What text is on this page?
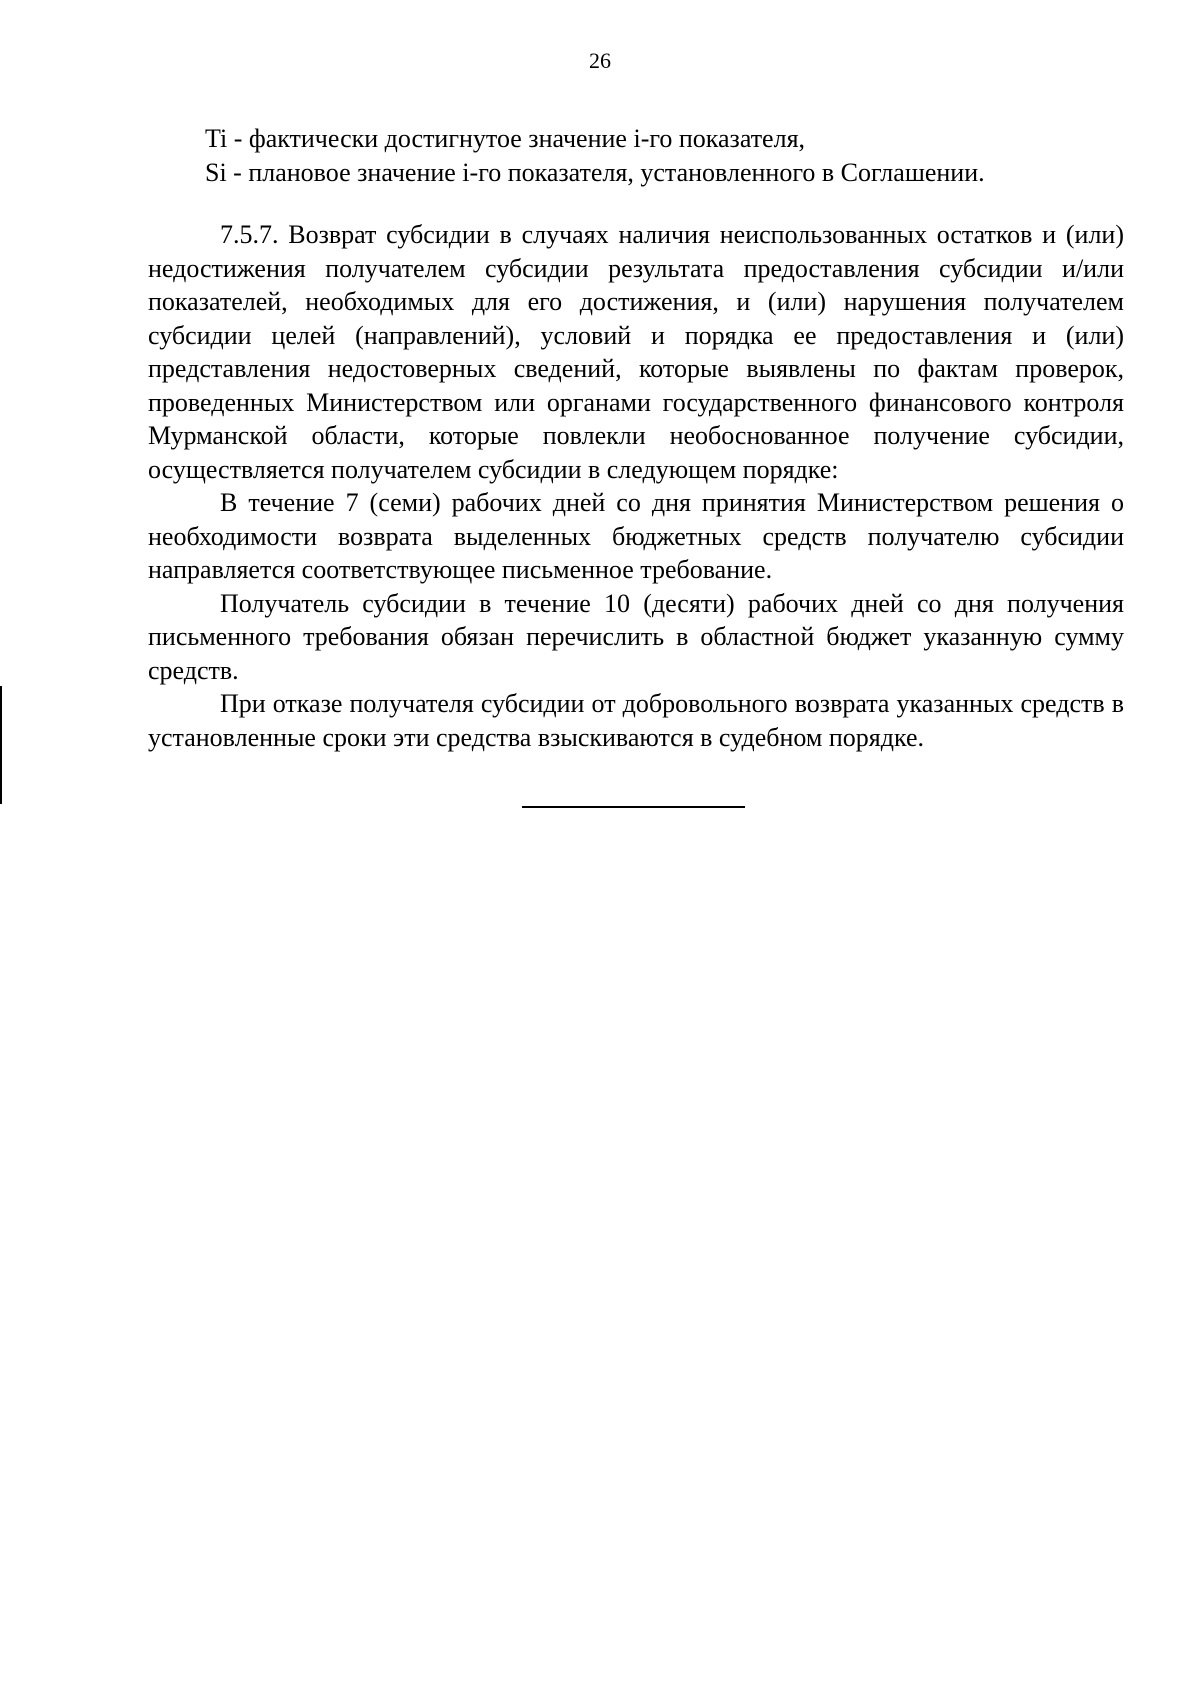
26
Ti - фактически достигнутое значение i-го показателя,
Si - плановое значение i-го показателя, установленного в Соглашении.

7.5.7. Возврат субсидии в случаях наличия неиспользованных остатков и (или) недостижения получателем субсидии результата предоставления субсидии и/или показателей, необходимых для его достижения, и (или) нарушения получателем субсидии целей (направлений), условий и порядка ее предоставления и (или) представления недостоверных сведений, которые выявлены по фактам проверок, проведенных Министерством или органами государственного финансового контроля Мурманской области, которые повлекли необоснованное получение субсидии, осуществляется получателем субсидии в следующем порядке:

В течение 7 (семи) рабочих дней со дня принятия Министерством решения о необходимости возврата выделенных бюджетных средств получателю субсидии направляется соответствующее письменное требование.

Получатель субсидии в течение 10 (десяти) рабочих дней со дня получения письменного требования обязан перечислить в областной бюджет указанную сумму средств.

При отказе получателя субсидии от добровольного возврата указанных средств в установленные сроки эти средства взыскиваются в судебном порядке.
